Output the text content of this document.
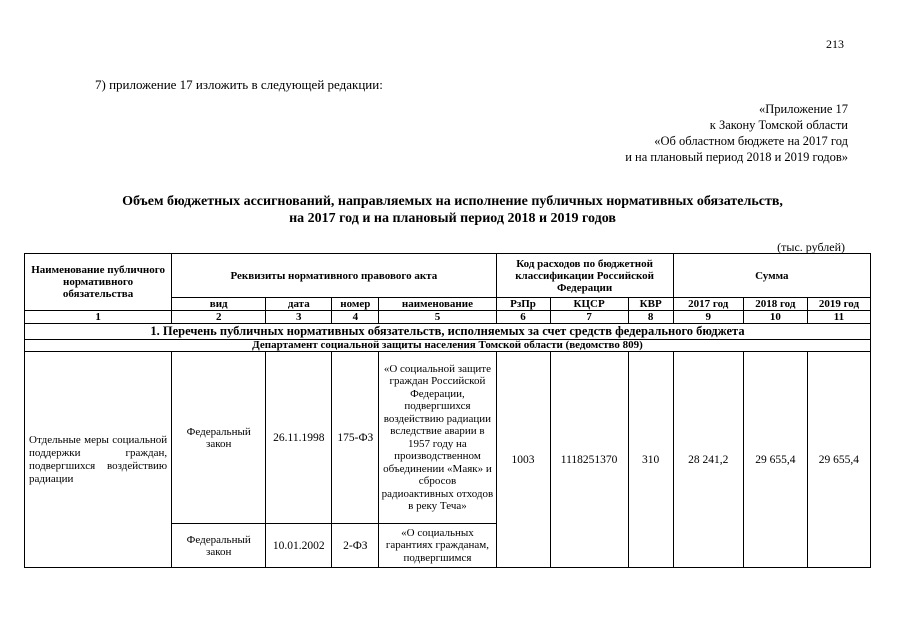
213
7) приложение 17 изложить в следующей редакции:
«Приложение 17
к Закону Томской области
«Об областном бюджете на 2017 год
и на плановый период 2018 и 2019 годов»
Объем бюджетных ассигнований, направляемых на исполнение публичных нормативных обязательств,
на 2017 год и на плановый период 2018 и 2019 годов
(тыс. рублей)
Наименование публичного нормативного обязательства	Реквизиты нормативного правового акта				Код расходов по бюджетной классификации Российской Федерации			Сумма		
	вид	дата	номер	наименование	РзПр	КЦСР	КВР	2017 год	2018 год	2019 год
1	2	3	4	5	6	7	8	9	10	11
1. Перечень публичных нормативных обязательств, исполняемых за счет средств федерального бюджета										
Департамент социальной защиты населения Томской области (ведомство 809)										
Отдельные меры социальной поддержки граждан, подвергшихся воздействию радиации	Федеральный закон	26.11.1998	175-ФЗ	«О социальной защите граждан Российской Федерации, подвергшихся воздействию радиации вследствие аварии в 1957 году на производственном объединении «Маяк» и сбросов радиоактивных отходов в реку Теча»	1003	1118251370	310	28 241,2	29 655,4	29 655,4
	Федеральный закон	10.01.2002	2-ФЗ	«О социальных гарантиях гражданам, подвергшимся						
